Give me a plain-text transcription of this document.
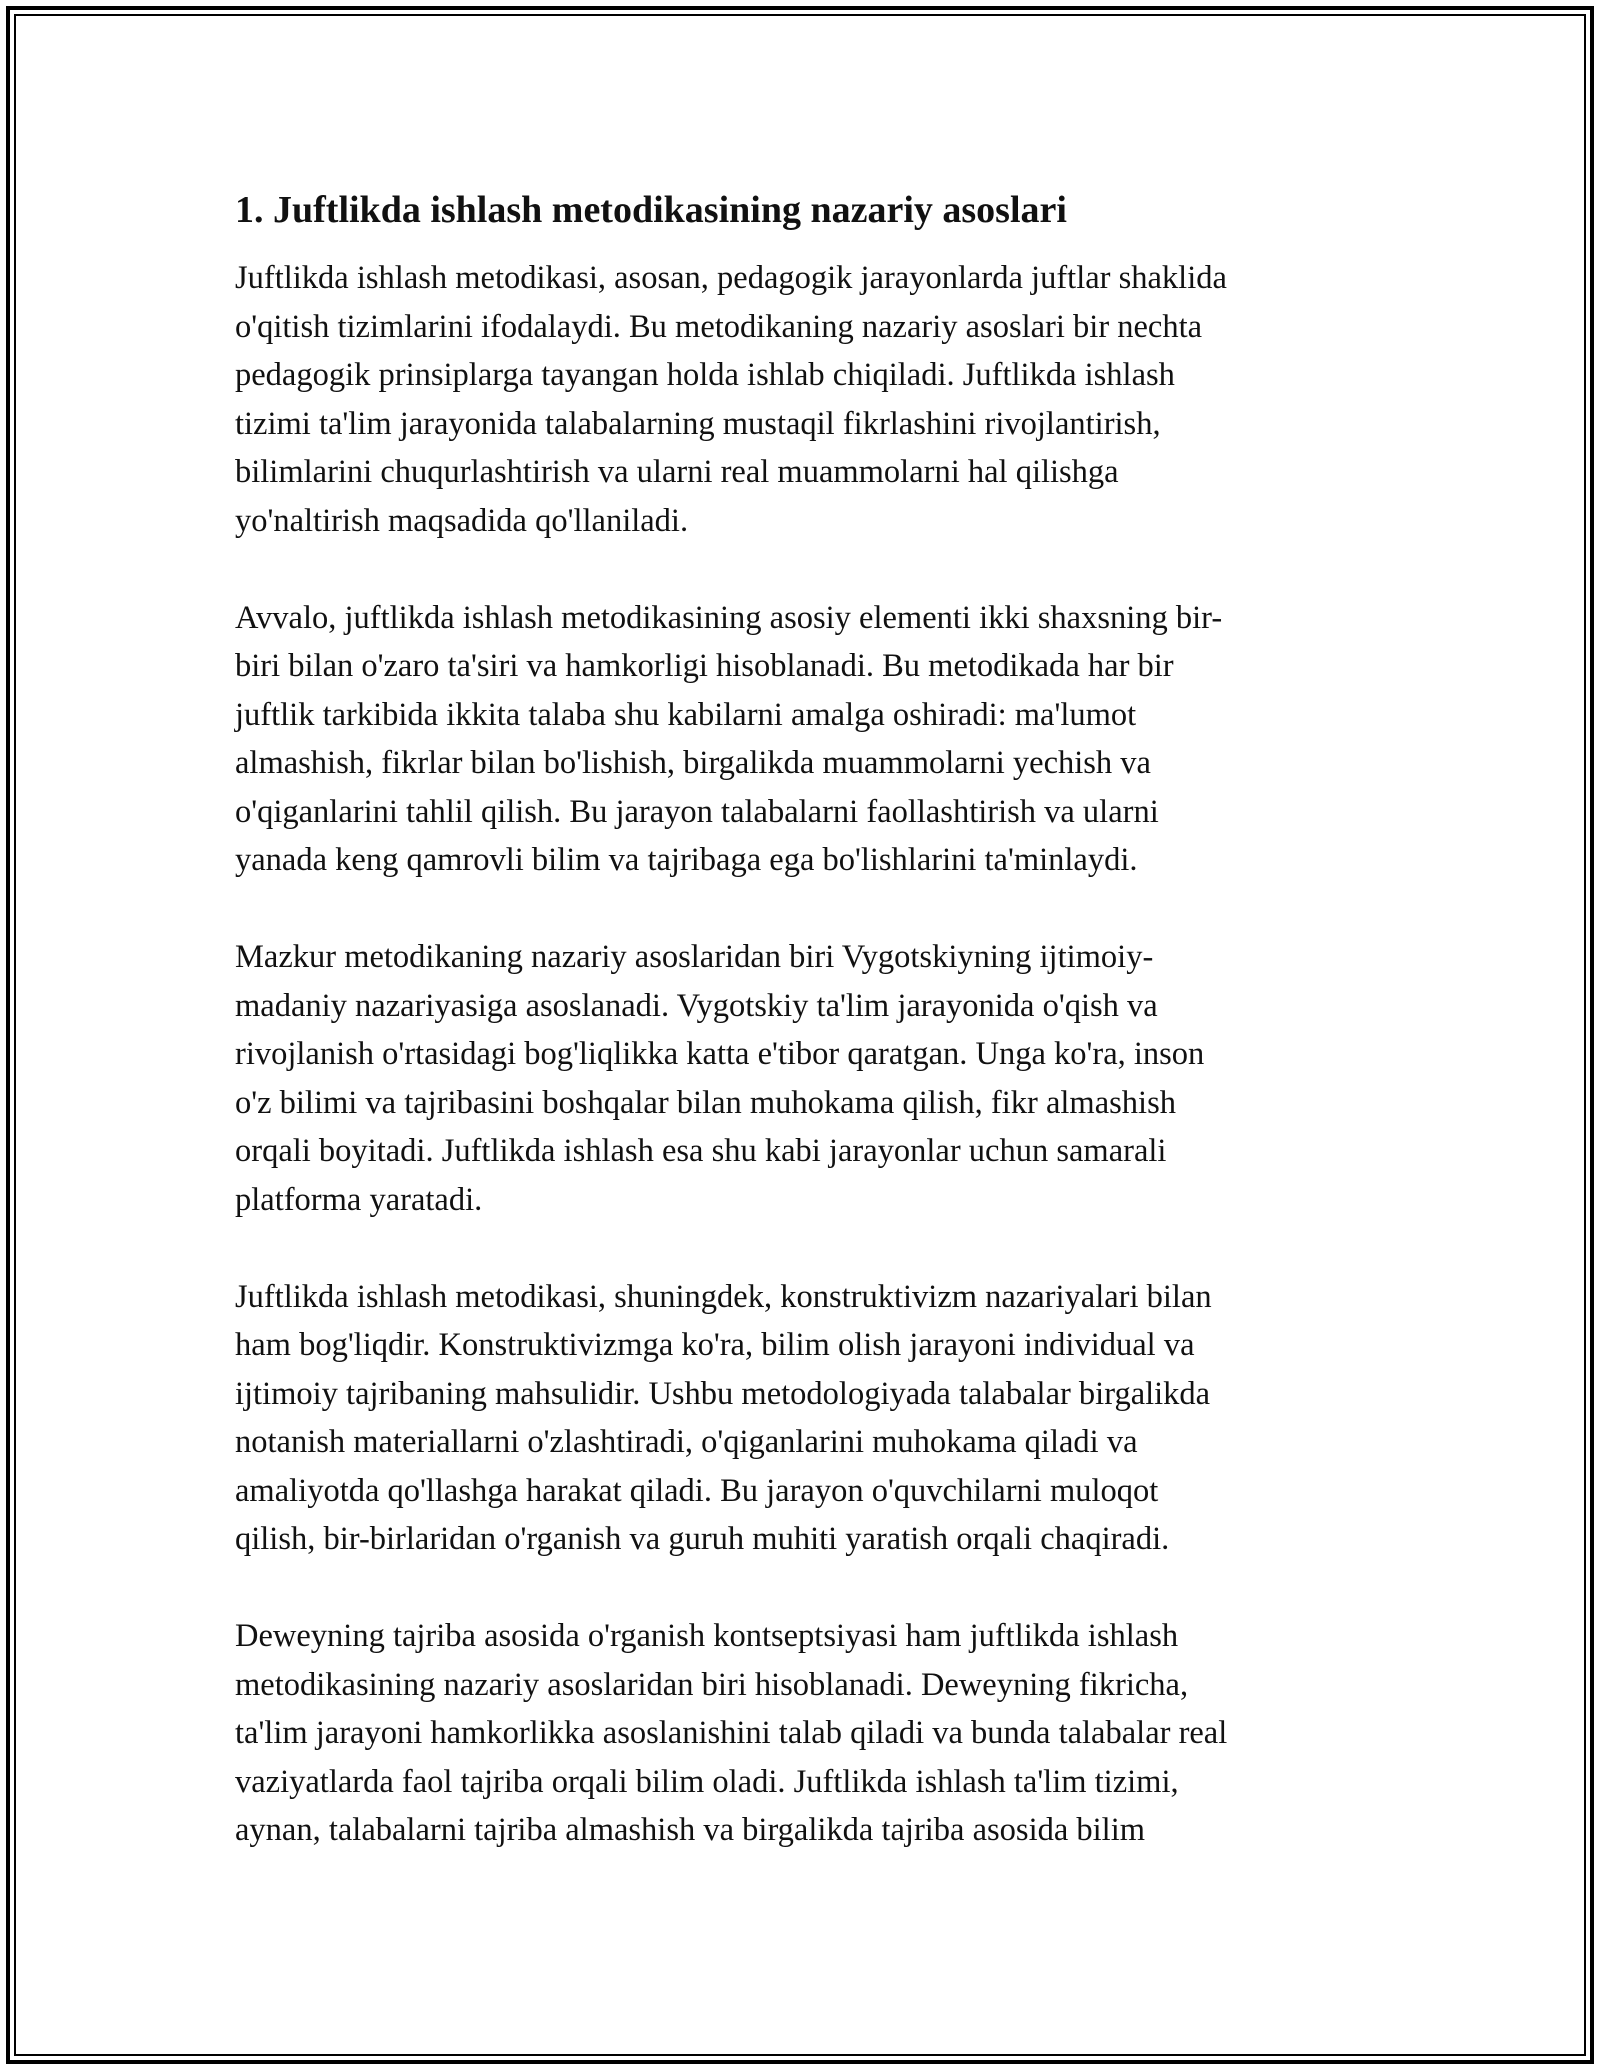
1. Juftlikda ishlash metodikasining nazariy asoslari

Juftlikda ishlash metodikasi, asosan, pedagogik jarayonlarda juftlar shaklida
o'qitish tizimlarini ifodalaydi. Bu metodikaning nazariy asoslari bir nechta
pedagogik prinsiplarga tayangan holda ishlab chiqiladi. Juftlikda ishlash
tizimi ta'lim jarayonida talabalarning mustaqil fikrlashini rivojlantirish,
bilimlarini chuqurlashtirish va ularni real muammolarni hal qilishga
yo'naltirish maqsadida qo'llaniladi.

Avvalo, juftlikda ishlash metodikasining asosiy elementi ikki shaxsning bir-
biri bilan o'zaro ta'siri va hamkorligi hisoblanadi. Bu metodikada har bir
juftlik tarkibida ikkita talaba shu kabilarni amalga oshiradi: ma'lumot
almashish, fikrlar bilan bo'lishish, birgalikda muammolarni yechish va
o'qiganlarini tahlil qilish. Bu jarayon talabalarni faollashtirish va ularni
yanada keng qamrovli bilim va tajribaga ega bo'lishlarini ta'minlaydi.

Mazkur metodikaning nazariy asoslaridan biri Vygotskiyning ijtimoiy-
madaniy nazariyasiga asoslanadi. Vygotskiy ta'lim jarayonida o'qish va
rivojlanish o'rtasidagi bog'liqlikka katta e'tibor qaratgan. Unga ko'ra, inson
o'z bilimi va tajribasini boshqalar bilan muhokama qilish, fikr almashish
orqali boyitadi. Juftlikda ishlash esa shu kabi jarayonlar uchun samarali
platforma yaratadi.

Juftlikda ishlash metodikasi, shuningdek, konstruktivizm nazariyalari bilan
ham bog'liqdir. Konstruktivizmga ko'ra, bilim olish jarayoni individual va
ijtimoiy tajribaning mahsulidir. Ushbu metodologiyada talabalar birgalikda
notanish materiallarni o'zlashtiradi, o'qiganlarini muhokama qiladi va
amaliyotda qo'llashga harakat qiladi. Bu jarayon o'quvchilarni muloqot
qilish, bir-birlaridan o'rganish va guruh muhiti yaratish orqali chaqiradi.

Deweyning tajriba asosida o'rganish kontseptsiyasi ham juftlikda ishlash
metodikasining nazariy asoslaridan biri hisoblanadi. Deweyning fikricha,
ta'lim jarayoni hamkorlikka asoslanishini talab qiladi va bunda talabalar real
vaziyatlarda faol tajriba orqali bilim oladi. Juftlikda ishlash ta'lim tizimi,
aynan, talabalarni tajriba almashish va birgalikda tajriba asosida bilim
